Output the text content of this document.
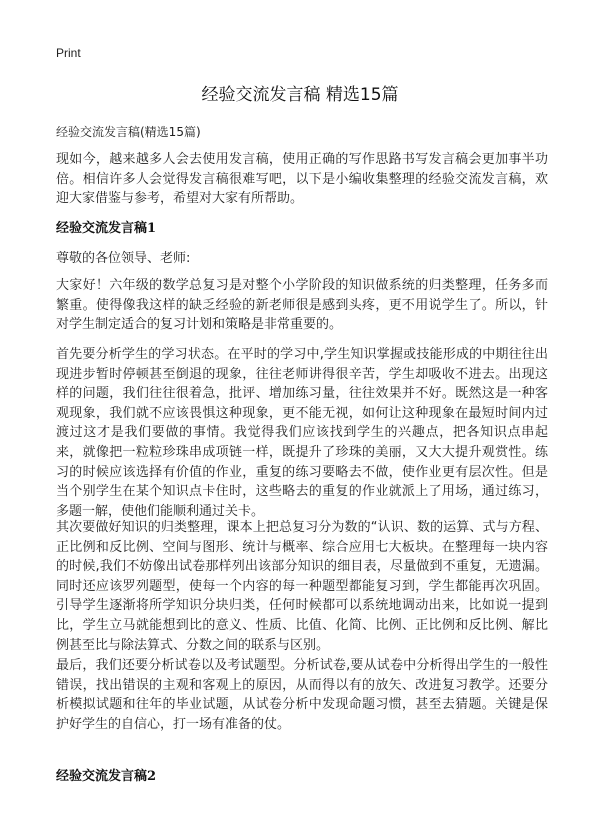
Print
经验交流发言稿 精选15篇
经验交流发言稿(精选15篇)

现如今，越来越多人会去使用发言稿，使用正确的写作思路书写发言稿会更加事半功倍。相信许多人会觉得发言稿很难写吧，以下是小编收集整理的经验交流发言稿，欢迎大家借鉴与参考，希望对大家有所帮助。

经验交流发言稿1
尊敬的各位领导、老师:

大家好！六年级的数学总复习是对整个小学阶段的知识做系统的归类整理，任务多而繁重。使得像我这样的缺乏经验的新老师很是感到头疼，更不用说学生了。所以，针对学生制定适合的复习计划和策略是非常重要的。

首先要分析学生的学习状态。在平时的学习中,学生知识掌握或技能形成的中期往往出现进步暂时停顿甚至倒退的现象，往往老师讲得很辛苦，学生却吸收不进去。出现这样的问题，我们往往很着急，批评、增加练习量，往往效果并不好。既然这是一种客观现象，我们就不应该畏惧这种现象，更不能无视，如何让这种现象在最短时间内过渡过这才是我们要做的事情。我觉得我们应该找到学生的兴趣点，把各知识点串起来，就像把一粒粒珍珠串成项链一样，既提升了珍珠的美丽，又大大提升观赏性。练习的时候应该选择有价值的作业，重复的练习要略去不做，使作业更有层次性。但是当个别学生在某个知识点卡住时，这些略去的重复的作业就派上了用场，通过练习，多题一解，使他们能顺利通过关卡。

其次要做好知识的归类整理，课本上把总复习分为数的“认识、数的运算、式与方程、正比例和反比例、空间与图形、统计与概率、综合应用七大板块。在整理每一块内容的时候,我们不妨像出试卷那样列出该部分知识的细目表，尽量做到不重复，无遗漏。同时还应该罗列题型，使每一个内容的每一种题型都能复习到，学生都能再次巩固。引导学生逐渐将所学知识分块归类，任何时候都可以系统地调动出来，比如说一提到比，学生立马就能想到比的意义、性质、比值、化简、比例、正比例和反比例、解比例甚至比与除法算式、分数之间的联系与区别。

最后，我们还要分析试卷以及考试题型。分析试卷,要从试卷中分析得出学生的一般性错误，找出错误的主观和客观上的原因，从而得以有的放矢、改进复习教学。还要分析模拟试题和往年的毕业试题，从试卷分析中发现命题习惯，甚至去猜题。关键是保护好学生的自信心，打一场有准备的仗。

经验交流发言稿2
